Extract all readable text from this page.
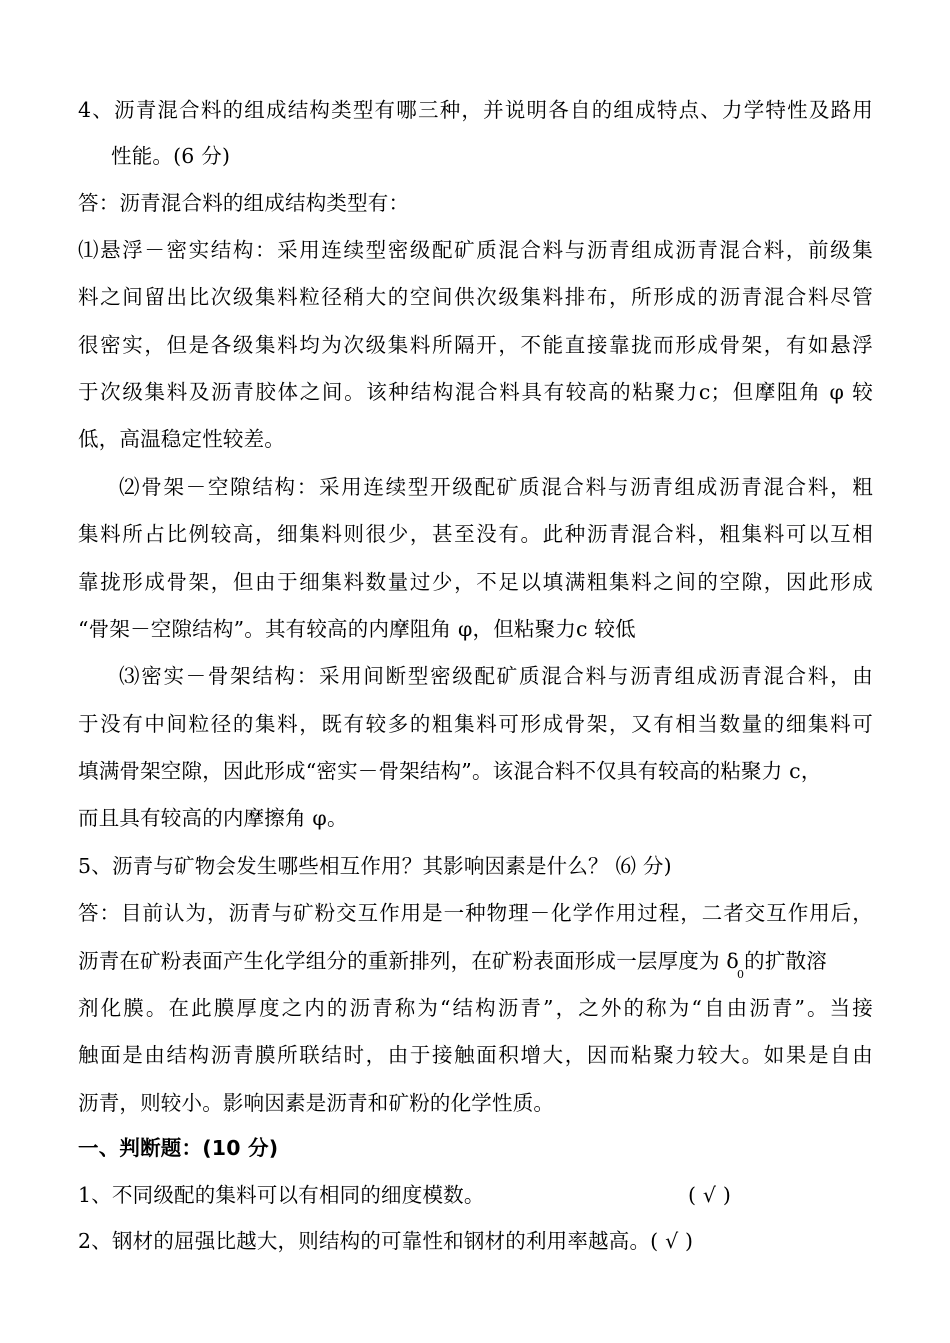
4、沥青混合料的组成结构类型有哪三种，并说明各自的组成特点、力学特性及路用
性能。(6 分)
答：沥青混合料的组成结构类型有：
⑴悬浮－密实结构：采用连续型密级配矿质混合料与沥青组成沥青混合料，前级集
料之间留出比次级集料粒径稍大的空间供次级集料排布，所形成的沥青混合料尽管
很密实，但是各级集料均为次级集料所隔开，不能直接靠拢而形成骨架，有如悬浮
于次级集料及沥青胶体之间。该种结构混合料具有较高的粘聚力c；但摩阻角 φ 较
低，高温稳定性较差。
⑵骨架－空隙结构：采用连续型开级配矿质混合料与沥青组成沥青混合料，粗
集料所占比例较高，细集料则很少，甚至没有。此种沥青混合料，粗集料可以互相
靠拢形成骨架，但由于细集料数量过少，不足以填满粗集料之间的空隙，因此形成
“骨架－空隙结构”。其有较高的内摩阻角 φ，但粘聚力c 较低
⑶密实－骨架结构：采用间断型密级配矿质混合料与沥青组成沥青混合料，由
于没有中间粒径的集料，既有较多的粗集料可形成骨架，又有相当数量的细集料可
填满骨架空隙，因此形成“密实－骨架结构”。该混合料不仅具有较高的粘聚力 c，
而且具有较高的内摩擦角 φ。
5、沥青与矿物会发生哪些相互作用？其影响因素是什么？ ⑹ 分)
答：目前认为，沥青与矿粉交互作用是一种物理－化学作用过程，二者交互作用后，
沥青在矿粉表面产生化学组分的重新排列，在矿粉表面形成一层厚度为 $\delta_0$的扩散溶
剂化膜。在此膜厚度之内的沥青称为“结构沥青”，之外的称为“自由沥青”。当接
触面是由结构沥青膜所联结时，由于接触面积增大，因而粘聚力较大。如果是自由
沥青，则较小。影响因素是沥青和矿粉的化学性质。
一、判断题：(10 分)
1、不同级配的集料可以有相同的细度模数。	( √ )
2、钢材的屈强比越大，则结构的可靠性和钢材的利用率越高。( √ )
